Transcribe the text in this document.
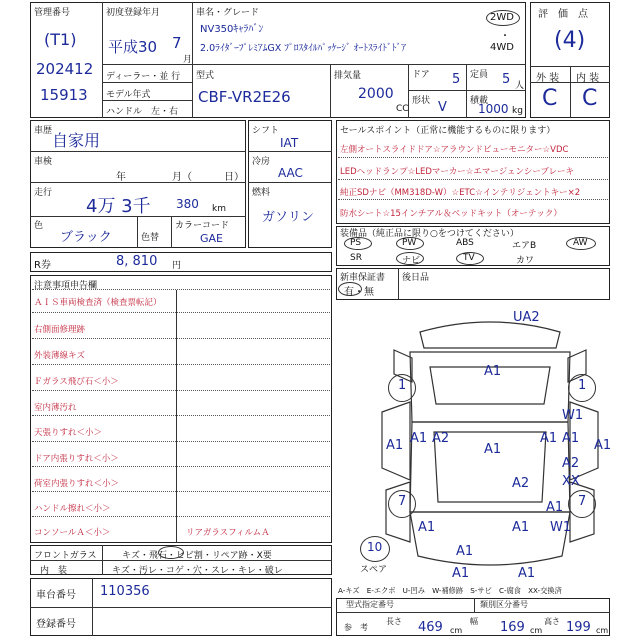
管理番号
(T1)
202412
15913
初度登録年月
平成30 7
月
車名・グレード
NV350ｷｬﾗﾊﾞﾝ
2.0ﾗｲﾀﾞｰﾌﾟﾚﾐｱﾑGX ﾌﾟﾛｽﾀｲﾙﾊﾟｯｹｰｼﾞ ｵｰﾄｽﾗｲﾄﾞﾄﾞｱ
2WD
・
4WD
ディーラー・並 行
モデル年式
ハンドル　左・右
型式
CBF-VR2E26
排気量
2000
CC
ドア 5 定員 5 人
形状 V	積載
1000 kg
評　価　点
(4)
外 装 内 装
C C
車歴 自家用
車検
年	月（	日）
走行
4万 3千 380 km
色
ブラック	色替
カラーコード
GAE
シフト
IAT
冷房
AAC
燃料
ガソリン
R券	8, 810 円
セールスポイント（正常に機能するものに限ります）
左側オートスライドドア☆アラウンドビューモニター☆VDC
LEDヘッドランプ☆LEDマーカー☆エマージェンシーブレーキ
純正SDナビ（MM318D-W）☆ETC☆インテリジェントキー×2
防水シート☆15インチアル＆ベッドキット（オーテック）
装備品（純正品に限り○をつけてください）
PS	PW	ABS	エアB	AW
SR	ナビ	TV	カワ
新車保証書
有・無
後日品
注意事項申告欄
ＡＩＳ車両検査済（検査票転記）
右側面修理跡
外装薄線キズ
Ｆガラス飛び石＜小＞
室内薄汚れ
天張りすれ＜小＞
ドア内張りすれ＜小＞
荷室内張りすれ＜小＞
ハンドル擦れ＜小＞
コンソールＡ＜小＞	リアガラスフィルムＡ
フロントガラス	キズ・飛石・ヒビ割・リペア跡・X要
内　装	キズ・汚レ・コゲ・穴・スレ・キレ・破レ
車台番号 110356
登録番号
UA2
A1
1	1
A1 A2	A1 A1
W1
A1	A1
A1
A2
XX
A2
7	7
A1
A1	A1 W1
A1
A1	A1
10
スペア
A-キズ　E-エクボ　U-凹み　W-補修跡　S-サビ　C-腐食　XX-交換済
型式指定番号	類別区分番号
参　考
長さ 469 cm
幅 169 cm
高さ 199 cm
